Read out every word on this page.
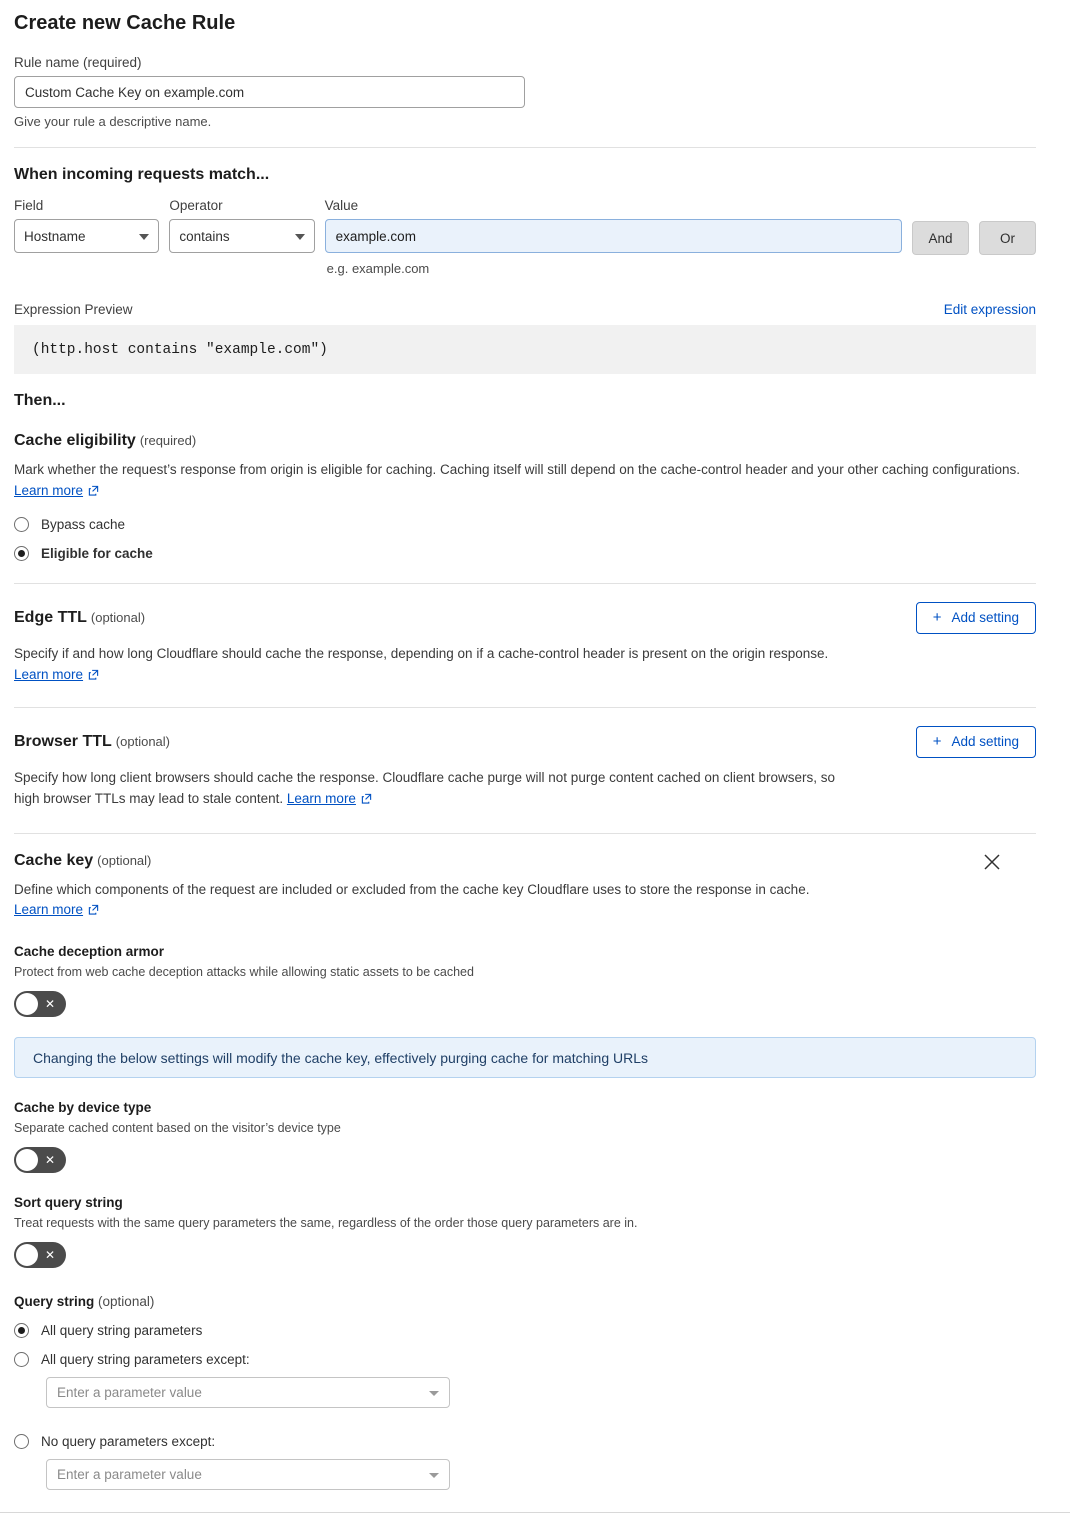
Create new Cache Rule
Rule name (required)
Custom Cache Key on example.com
Give your rule a descriptive name.
When incoming requests match...
Field
Hostname
Operator
contains
Value
example.com
e.g. example.com
And	Or
Expression Preview	Edit expression
(http.host contains "example.com")
Then...
Cache eligibility (required)
Mark whether the request’s response from origin is eligible for caching. Caching itself will still depend on the cache-control header and your other caching configurations. Learn more
Bypass cache
Eligible for cache
Edge TTL (optional)	+ Add setting
Specify if and how long Cloudflare should cache the response, depending on if a cache-control header is present on the origin response. Learn more
Browser TTL (optional)	+ Add setting
Specify how long client browsers should cache the response. Cloudflare cache purge will not purge content cached on client browsers, so high browser TTLs may lead to stale content. Learn more
Cache key (optional)
Define which components of the request are included or excluded from the cache key Cloudflare uses to store the response in cache.
Learn more
Cache deception armor
Protect from web cache deception attacks while allowing static assets to be cached
✕
Changing the below settings will modify the cache key, effectively purging cache for matching URLs
Cache by device type
Separate cached content based on the visitor’s device type
✕
Sort query string
Treat requests with the same query parameters the same, regardless of the order those query parameters are in.
✕
Query string (optional)
All query string parameters
All query string parameters except:
Enter a parameter value
No query parameters except:
Enter a parameter value
